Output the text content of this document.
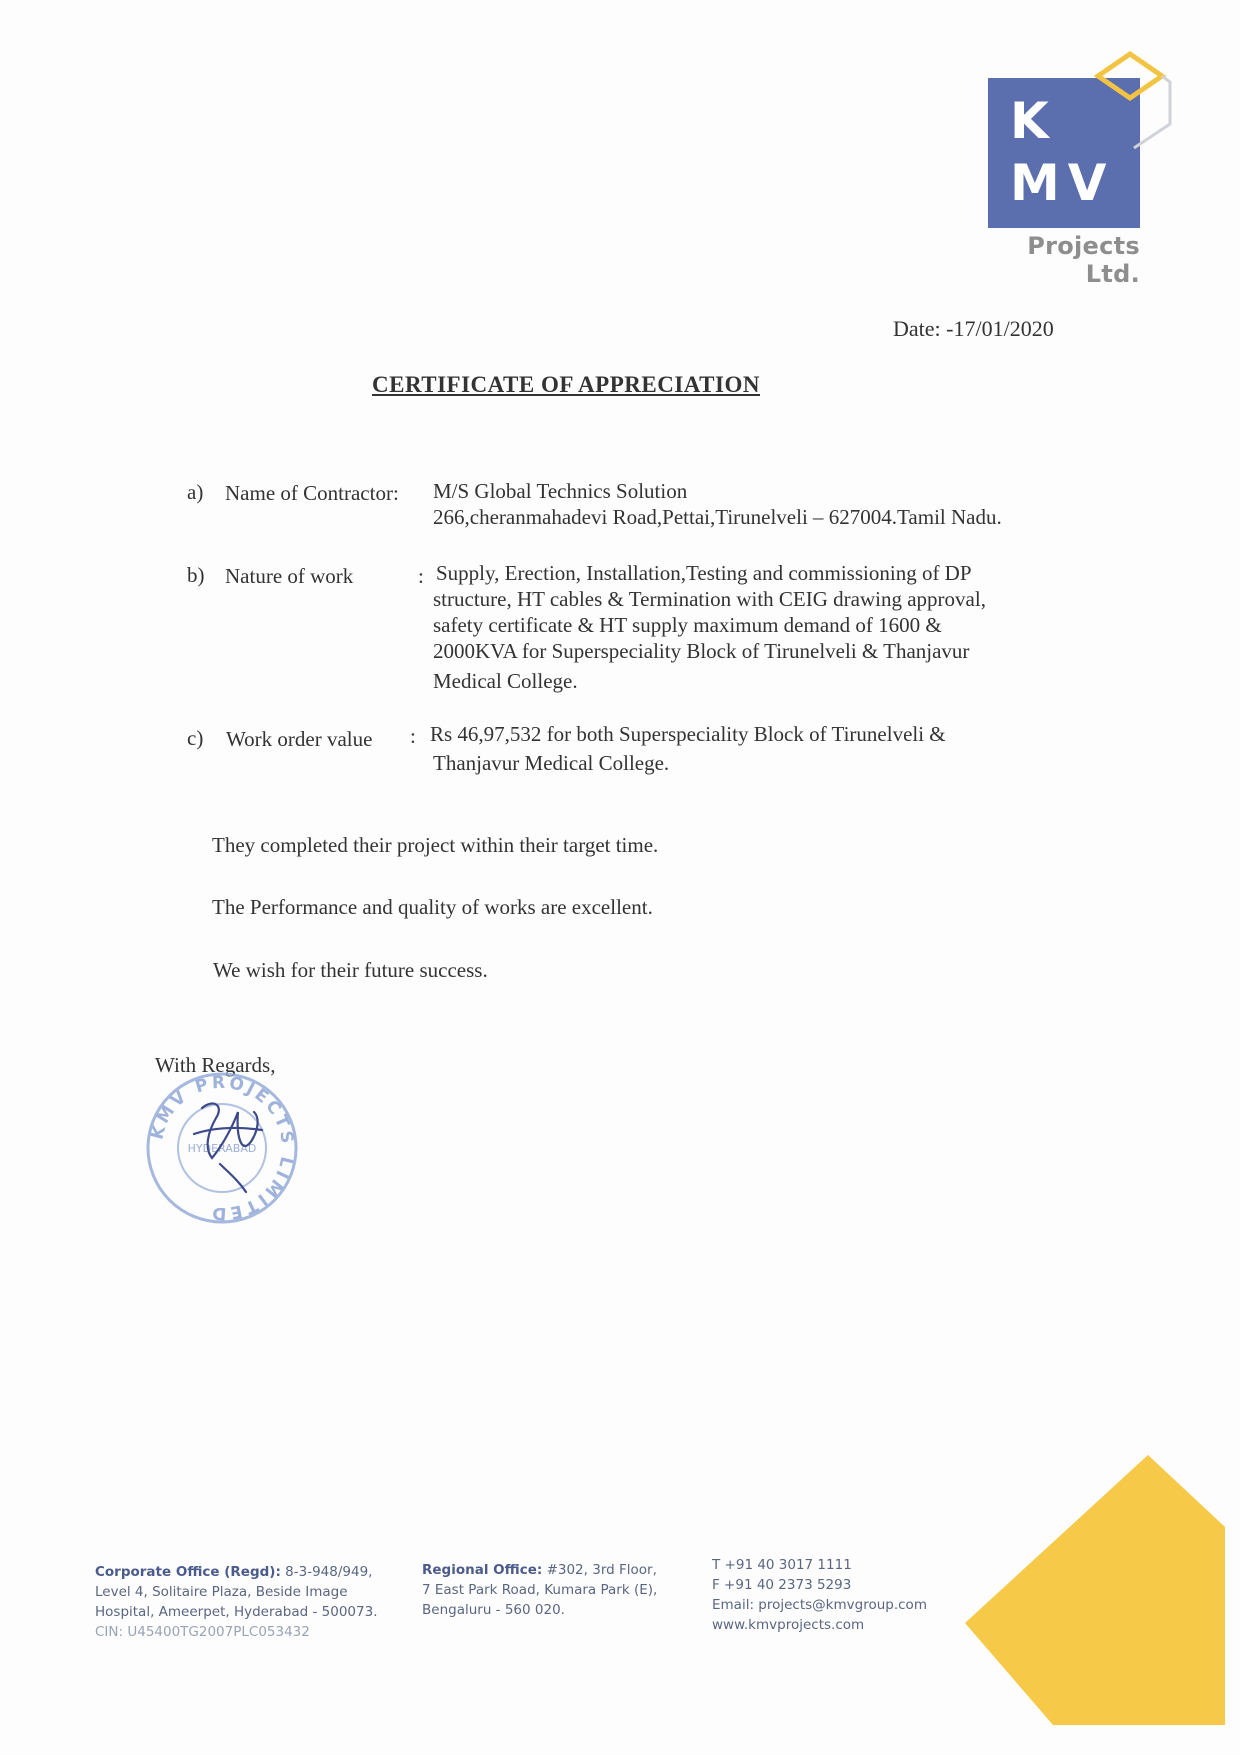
K
MV
Projects Ltd.
Date: -17/01/2020
CERTIFICATE OF APPRECIATION
a) Name of Contractor: M/S Global Technics Solution
266,cheranmahadevi Road,Pettai,Tirunelveli – 627004.Tamil Nadu.
b) Nature of work	: Supply, Erection, Installation,Testing and commissioning of DP
structure, HT cables & Termination with CEIG drawing approval,
safety certificate & HT supply maximum demand of 1600 &
2000KVA for Superspeciality Block of Tirunelveli & Thanjavur
Medical College.
c) Work order value : Rs 46,97,532 for both Superspeciality Block of Tirunelveli &
Thanjavur Medical College.
They completed their project within their target time.
The Performance and quality of works are excellent.
We wish for their future success.
With Regards,
KMV PROJECTS LIMITED
HYDERABAD
Corporate Office (Regd): 8-3-948/949,
Level 4, Solitaire Plaza, Beside Image
Hospital, Ameerpet, Hyderabad - 500073.
CIN: U45400TG2007PLC053432
Regional Office: #302, 3rd Floor,
7 East Park Road, Kumara Park (E),
Bengaluru - 560 020.
T +91 40 3017 1111
F +91 40 2373 5293
Email: projects@kmvgroup.com
www.kmvprojects.com
